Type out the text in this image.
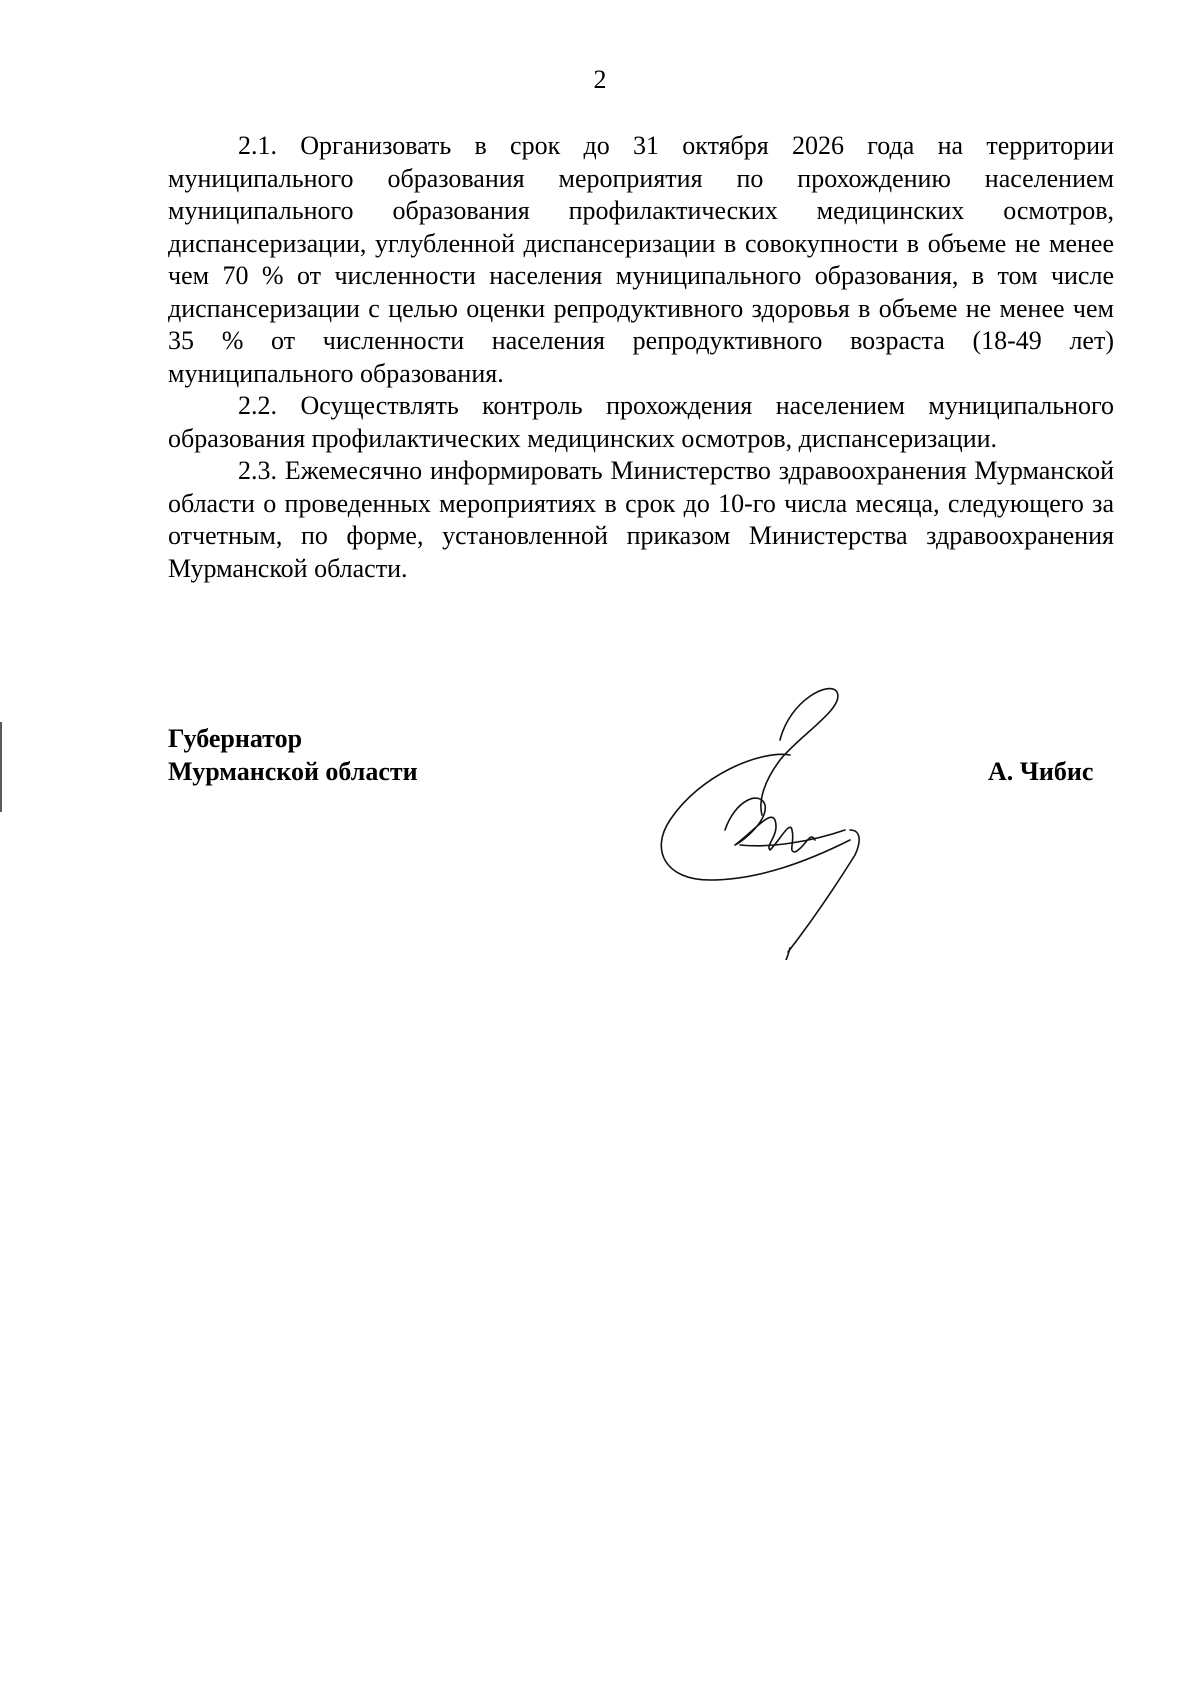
2

2.1. Организовать в срок до 31 октября 2026 года на территории муниципального образования мероприятия по прохождению населением муниципального образования профилактических медицинских осмотров, диспансеризации, углубленной диспансеризации в совокупности в объеме не менее чем 70 % от численности населения муниципального образования, в том числе диспансеризации с целью оценки репродуктивного здоровья в объеме не менее чем 35 % от численности населения репродуктивного возраста (18-49 лет) муниципального образования.

2.2. Осуществлять контроль прохождения населением муниципального образования профилактических медицинских осмотров, диспансеризации.

2.3. Ежемесячно информировать Министерство здравоохранения Мурманской области о проведенных мероприятиях в срок до 10-го числа месяца, следующего за отчетным, по форме, установленной приказом Министерства здравоохранения Мурманской области.

Губернатор
Мурманской области	А. Чибис
